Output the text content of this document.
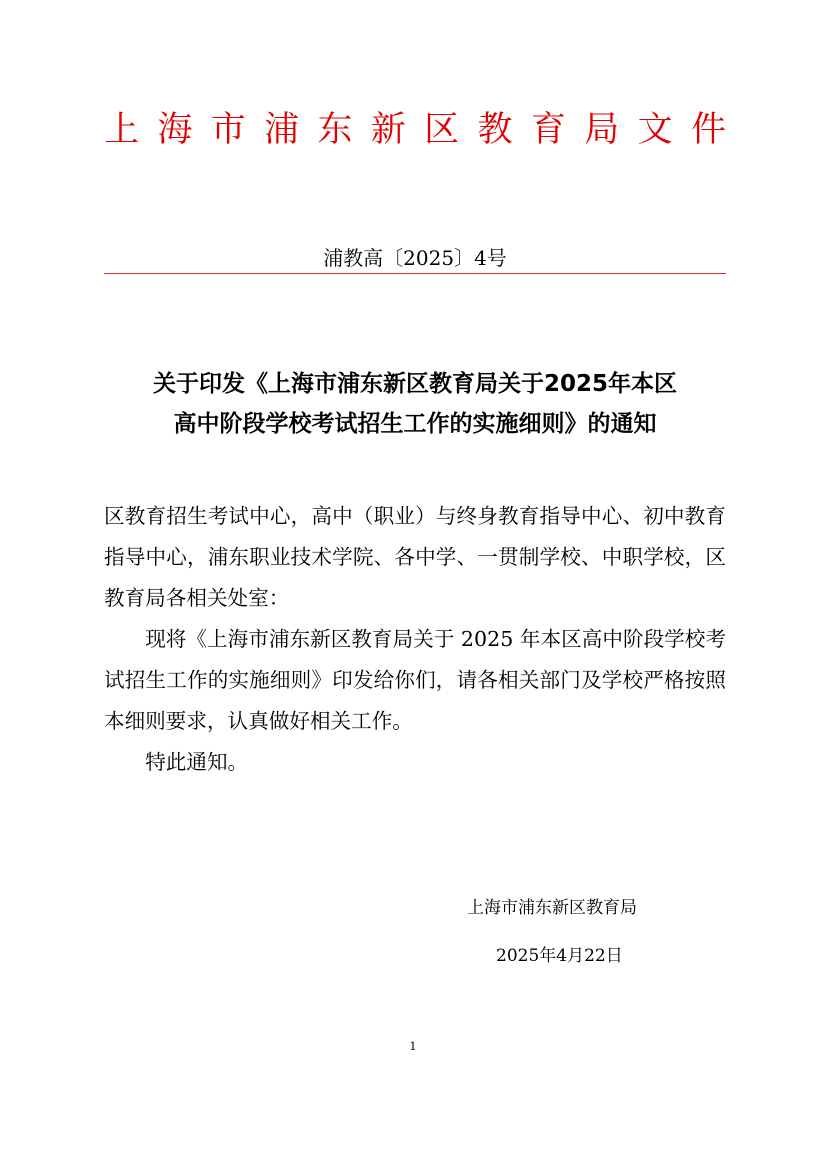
上海市浦东新区教育局文件
浦教高〔2025〕4号
关于印发《上海市浦东新区教育局关于2025年本区
高中阶段学校考试招生工作的实施细则》的通知

区教育招生考试中心，高中（职业）与终身教育指导中心、初中教育指导中心，浦东职业技术学院、各中学、一贯制学校、中职学校，区教育局各相关处室：

现将《上海市浦东新区教育局关于 2025 年本区高中阶段学校考试招生工作的实施细则》印发给你们，请各相关部门及学校严格按照本细则要求，认真做好相关工作。

特此通知。

上海市浦东新区教育局
2025年4月22日
1
